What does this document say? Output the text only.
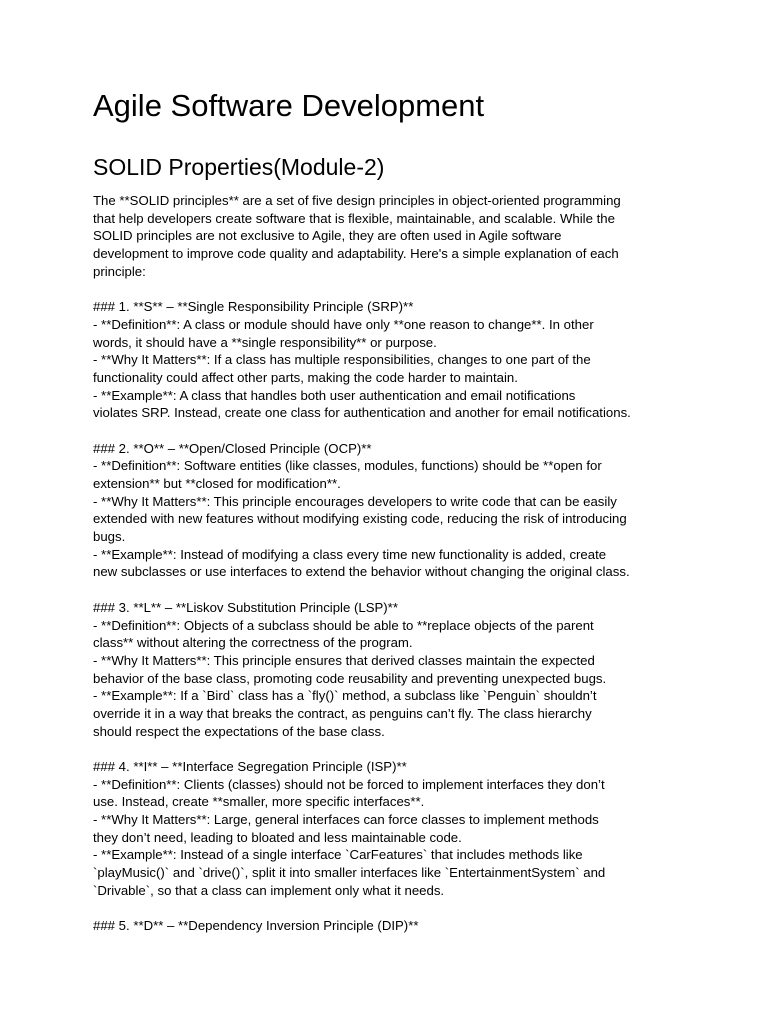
Agile Software Development
SOLID Properties(Module-2)
The **SOLID principles** are a set of five design principles in object-oriented programming
that help developers create software that is flexible, maintainable, and scalable. While the
SOLID principles are not exclusive to Agile, they are often used in Agile software
development to improve code quality and adaptability. Here's a simple explanation of each
principle:
### 1. **S** – **Single Responsibility Principle (SRP)**
- **Definition**: A class or module should have only **one reason to change**. In other
words, it should have a **single responsibility** or purpose.
- **Why It Matters**: If a class has multiple responsibilities, changes to one part of the
functionality could affect other parts, making the code harder to maintain.
- **Example**: A class that handles both user authentication and email notifications
violates SRP. Instead, create one class for authentication and another for email notifications.
### 2. **O** – **Open/Closed Principle (OCP)**
- **Definition**: Software entities (like classes, modules, functions) should be **open for
extension** but **closed for modification**.
- **Why It Matters**: This principle encourages developers to write code that can be easily
extended with new features without modifying existing code, reducing the risk of introducing
bugs.
- **Example**: Instead of modifying a class every time new functionality is added, create
new subclasses or use interfaces to extend the behavior without changing the original class.
### 3. **L** – **Liskov Substitution Principle (LSP)**
- **Definition**: Objects of a subclass should be able to **replace objects of the parent
class** without altering the correctness of the program.
- **Why It Matters**: This principle ensures that derived classes maintain the expected
behavior of the base class, promoting code reusability and preventing unexpected bugs.
- **Example**: If a `Bird` class has a `fly()` method, a subclass like `Penguin` shouldn’t
override it in a way that breaks the contract, as penguins can’t fly. The class hierarchy
should respect the expectations of the base class.
### 4. **I** – **Interface Segregation Principle (ISP)**
- **Definition**: Clients (classes) should not be forced to implement interfaces they don’t
use. Instead, create **smaller, more specific interfaces**.
- **Why It Matters**: Large, general interfaces can force classes to implement methods
they don’t need, leading to bloated and less maintainable code.
- **Example**: Instead of a single interface `CarFeatures` that includes methods like
`playMusic()` and `drive()`, split it into smaller interfaces like `EntertainmentSystem` and
`Drivable`, so that a class can implement only what it needs.
### 5. **D** – **Dependency Inversion Principle (DIP)**
